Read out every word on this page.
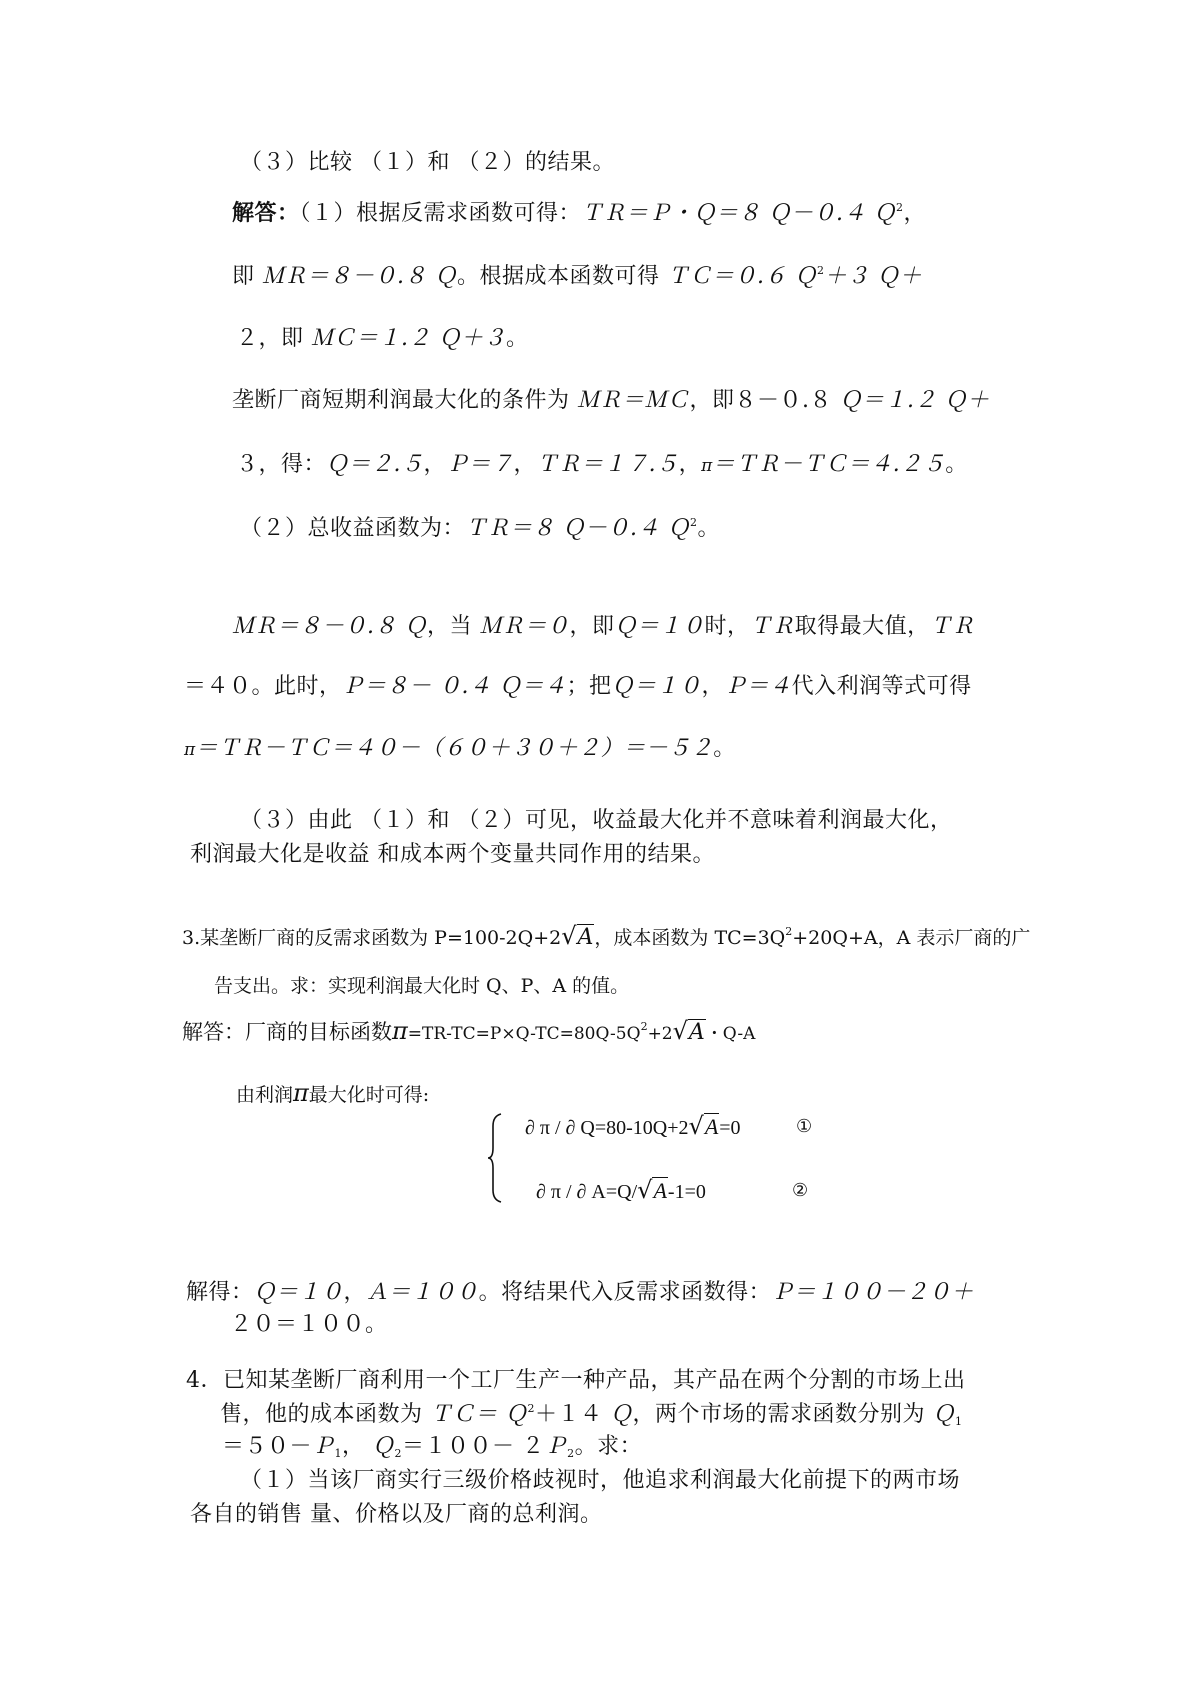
（３）比较 （１）和 （２）的结果。
解答：（１）根据反需求函数可得：ＴＲ＝Ｐ・Ｑ＝８ Ｑ－０.４ Ｑ$^2$，
即 ＭＲ＝８－０.８ Ｑ。根据成本函数可得 ＴＣ＝０.６ Ｑ$^2$＋３ Ｑ＋
２，即 ＭＣ＝１.２ Ｑ＋３。
垄断厂商短期利润最大化的条件为 ＭＲ＝ＭＣ，即８－０.８ Ｑ＝１.２ Ｑ＋
３，得：Ｑ＝２.５，Ｐ＝７，ＴＲ＝１７.５，π＝ＴＲ－ＴＣ＝４.２５。
（２）总收益函数为：ＴＲ＝８ Ｑ－０.４ Ｑ$^2$。
ＭＲ＝８－０.８ Ｑ，当 ＭＲ＝０，即Ｑ＝１０时，ＴＲ取得最大值，ＴＲ
＝４０。此时，Ｐ＝８－ ０.４ Ｑ＝４；把Ｑ＝１０，Ｐ＝４代入利润等式可得
π＝ＴＲ－ＴＣ＝４０－（６０＋３０＋２）＝－５２。
（３）由此 （１）和 （２）可见，收益最大化并不意味着利润最大化，
利润最大化是收益 和成本两个变量共同作用的结果。
3.某垄断厂商的反需求函数为 P=100-2Q+2√A，成本函数为 $TC=3Q^2+20Q+A$，A 表示厂商的广
告支出。求：实现利润最大化时 Q、P、A 的值。
解答：厂商的目标函数$\pi=TR-TC=P\times Q-TC=80Q-5Q^2+2√A$・Q-A
由利润π最大化时可得:
∂ π / ∂ Q=80-10Q+2√A=0	①
∂ π / ∂ A=Q/√A-1=0	②
解得：Ｑ＝１０，Ａ＝１００。将结果代入反需求函数得：Ｐ＝１００－２０＋
２０＝１００。
4．已知某垄断厂商利用一个工厂生产一种产品，其产品在两个分割的市场上出
售，他的成本函数为 ＴＣ＝ Ｑ$^2$＋１４ Ｑ，两个市场的需求函数分别为 Ｑ$_1$
＝５０－Ｐ$_1$， Ｑ$_2$＝１００－ ２Ｐ$_2$。求：
（１）当该厂商实行三级价格歧视时，他追求利润最大化前提下的两市场
各自的销售 量、价格以及厂商的总利润。
